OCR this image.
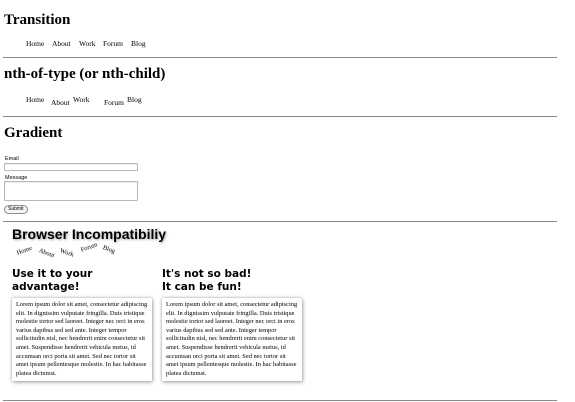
Transition
Home About Work Forum Blog
nth-of-type (or nth-child)
Home About Work Forum Blog
Gradient
Email
Message
Submit
Browser Incompatibiliy
Home About Work Forum Blog
Use it to your
advantage!
Lorem ipsum dolor sit amet, consectetur adipiscing elit. In dignissim vulputate fringilla. Duis tristique molestie tortor sed laoreet. Integer nec orci in eros varius dapibus sed sed ante. Integer tempor sollicitudin nisl, nec hendrerit enim consectetur sit amet. Suspendisse hendrerit vehicula metus, id accumsan orci porta sit amet. Sed nec tortor sit amet ipsum pellentesque molestie. In hac habitasse platea dictumst.
It's not so bad!
It can be fun!
Lorem ipsum dolor sit amet, consectetur adipiscing elit. In dignissim vulputate fringilla. Duis tristique molestie tortor sed laoreet. Integer nec orci in eros varius dapibus sed sed ante. Integer tempor sollicitudin nisl, nec hendrerit enim consectetur sit amet. Suspendisse hendrerit vehicula metus, id accumsan orci porta sit amet. Sed nec tortor sit amet ipsum pellentesque molestie. In hac habitasse platea dictumst.
